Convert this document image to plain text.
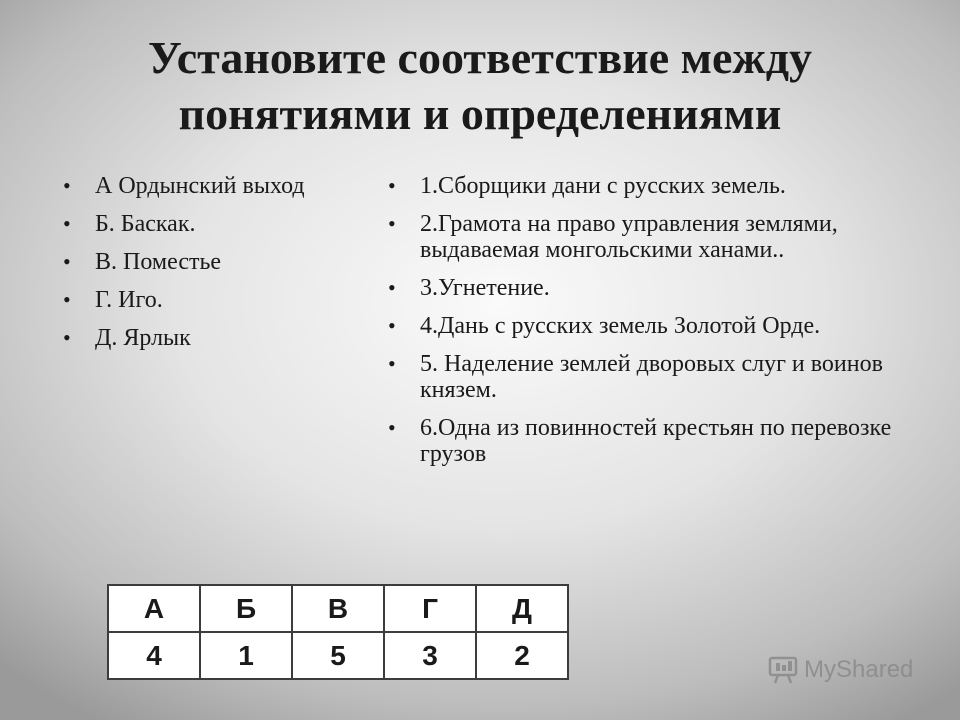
Установите соответствие между
понятиями и определениями
• А Ордынский выход
• Б. Баскак.
• В. Поместье
• Г. Иго.
• Д. Ярлык
• 1.Сборщики дани с русских земель.
• 2.Грамота на право управления землями, выдаваемая монгольскими ханами..
• 3.Угнетение.
• 4.Дань с русских земель Золотой Орде.
• 5. Наделение землей дворовых слуг и воинов князем.
• 6.Одна из повинностей крестьян по перевозке грузов
А	Б	В	Г	Д
4	1	5	3	2	MyShared
